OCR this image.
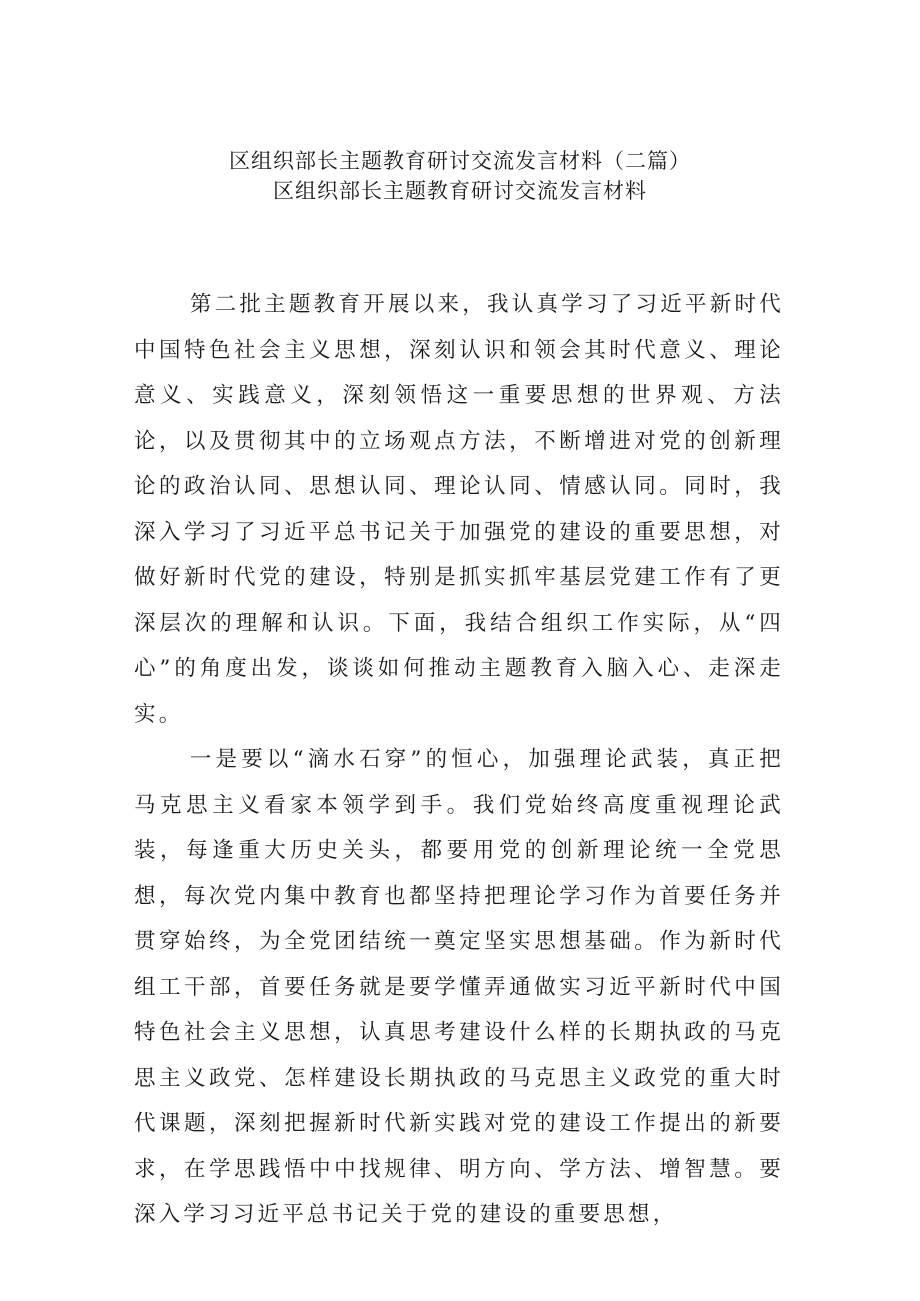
区组织部长主题教育研讨交流发言材料（二篇）
区组织部长主题教育研讨交流发言材料

第二批主题教育开展以来，我认真学习了习近平新时代中国特色社会主义思想，深刻认识和领会其时代意义、理论意义、实践意义，深刻领悟这一重要思想的世界观、方法论，以及贯彻其中的立场观点方法，不断增进对党的创新理论的政治认同、思想认同、理论认同、情感认同。同时，我深入学习了习近平总书记关于加强党的建设的重要思想，对做好新时代党的建设，特别是抓实抓牢基层党建工作有了更深层次的理解和认识。下面，我结合组织工作实际，从“四心”的角度出发，谈谈如何推动主题教育入脑入心、走深走实。

一是要以“滴水石穿”的恒心，加强理论武装，真正把马克思主义看家本领学到手。我们党始终高度重视理论武装，每逢重大历史关头，都要用党的创新理论统一全党思想，每次党内集中教育也都坚持把理论学习作为首要任务并贯穿始终，为全党团结统一奠定坚实思想基础。作为新时代组工干部，首要任务就是要学懂弄通做实习近平新时代中国特色社会主义思想，认真思考建设什么样的长期执政的马克思主义政党、怎样建设长期执政的马克思主义政党的重大时代课题，深刻把握新时代新实践对党的建设工作提出的新要求，在学思践悟中中找规律、明方向、学方法、增智慧。要深入学习习近平总书记关于党的建设的重要思想，
